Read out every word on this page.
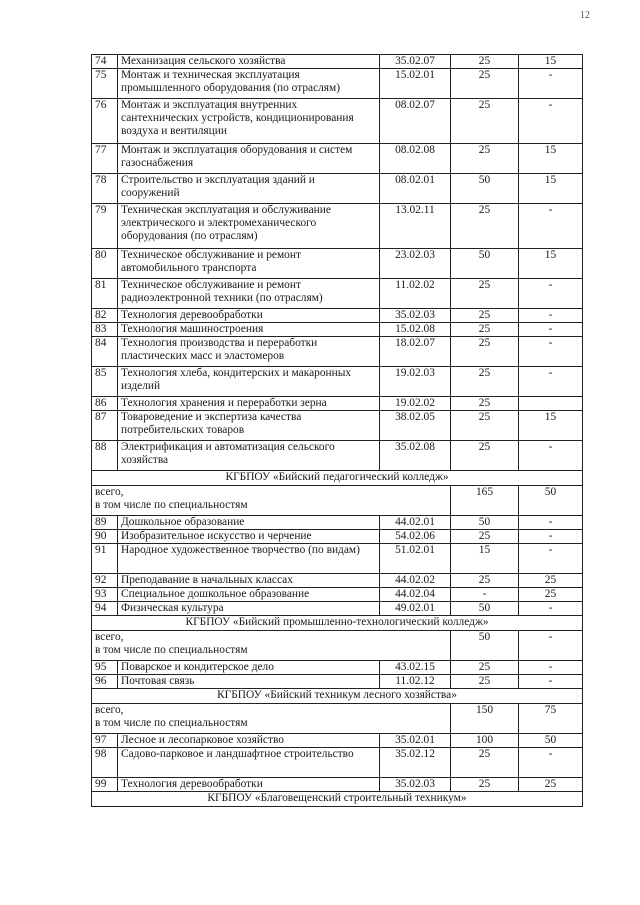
12
74	Механизация сельского хозяйства	35.02.07	25	15
75	Монтаж и техническая эксплуатация промышленного оборудования (по отраслям)	15.02.01	25	-
76	Монтаж и эксплуатация внутренних сантехнических устройств, кондиционирования воздуха и вентиляции	08.02.07	25	-
77	Монтаж и эксплуатация оборудования и систем газоснабжения	08.02.08	25	15
78	Строительство и эксплуатация зданий и сооружений	08.02.01	50	15
79	Техническая эксплуатация и обслуживание электрического и электромеханического оборудования (по отраслям)	13.02.11	25	-
80	Техническое обслуживание и ремонт автомобильного транспорта	23.02.03	50	15
81	Техническое обслуживание и ремонт радиоэлектронной техники (по отраслям)	11.02.02	25	-
82	Технология деревообработки	35.02.03	25	-
83	Технология машиностроения	15.02.08	25	-
84	Технология производства и переработки пластических масс и эластомеров	18.02.07	25	-
85	Технология хлеба, кондитерских и макаронных изделий	19.02.03	25	-
86	Технология хранения и переработки зерна	19.02.02	25	
87	Товароведение и экспертиза качества потребительских товаров	38.02.05	25	15
88	Электрификация и автоматизация сельского хозяйства	35.02.08	25	-
КГБПОУ «Бийский педагогический колледж»				
всего,
в том числе по специальностям			165	50
89	Дошкольное образование	44.02.01	50	-
90	Изобразительное искусство и черчение	54.02.06	25	-
91	Народное художественное творчество (по видам)	51.02.01	15	-
92	Преподавание в начальных классах	44.02.02	25	25
93	Специальное дошкольное образование	44.02.04	-	25
94	Физическая культура	49.02.01	50	-
КГБПОУ «Бийский промышленно-технологический колледж»				
всего,
в том числе по специальностям			50	-
95	Поварское и кондитерское дело	43.02.15	25	-
96	Почтовая связь	11.02.12	25	-
КГБПОУ «Бийский техникум лесного хозяйства»				
всего,
в том числе по специальностям			150	75
97	Лесное и лесопарковое хозяйство	35.02.01	100	50
98	Садово-парковое и ландшафтное строительство	35.02.12	25	-
99	Технология деревообработки	35.02.03	25	25
КГБПОУ «Благовещенский строительный техникум»				
